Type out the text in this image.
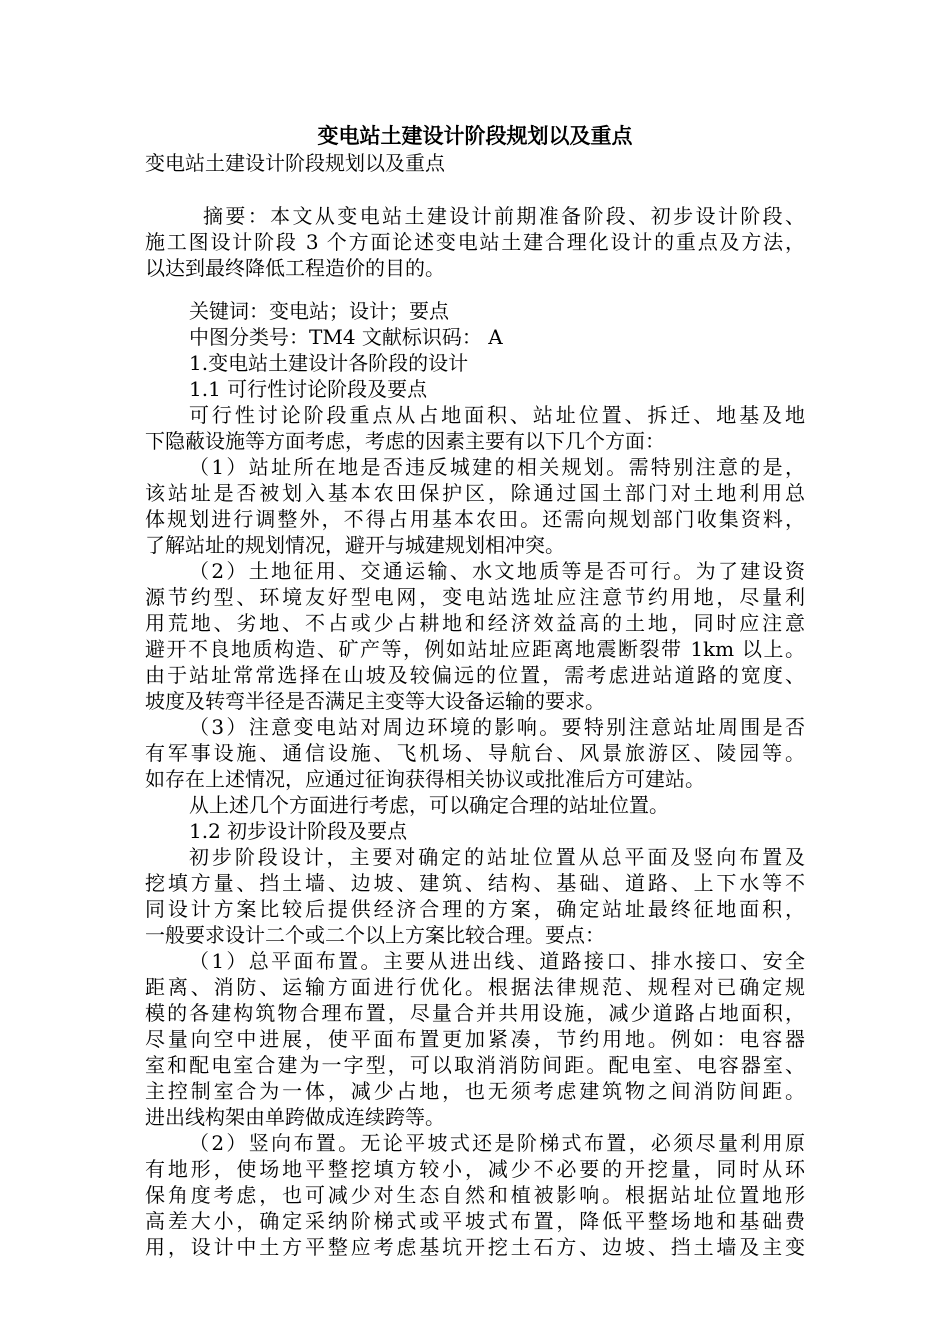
变电站土建设计阶段规划以及重点
变电站土建设计阶段规划以及重点
摘要：本文从变电站土建设计前期准备阶段、初步设计阶段、
施工图设计阶段 3 个方面论述变电站土建合理化设计的重点及方法，
以达到最终降低工程造价的目的。
关键词：变电站；设计；要点
中图分类号：TM4 文献标识码： A
1.变电站土建设计各阶段的设计
1.1 可行性讨论阶段及要点
可行性讨论阶段重点从占地面积、站址位置、拆迁、地基及地
下隐蔽设施等方面考虑，考虑的因素主要有以下几个方面：
（1）站址所在地是否违反城建的相关规划。需特别注意的是，
该站址是否被划入基本农田保护区，除通过国土部门对土地利用总
体规划进行调整外，不得占用基本农田。还需向规划部门收集资料，
了解站址的规划情况，避开与城建规划相冲突。
（2）土地征用、交通运输、水文地质等是否可行。为了建设资
源节约型、环境友好型电网，变电站选址应注意节约用地，尽量利
用荒地、劣地、不占或少占耕地和经济效益高的土地，同时应注意
避开不良地质构造、矿产等，例如站址应距离地震断裂带 1km 以上。
由于站址常常选择在山坡及较偏远的位置，需考虑进站道路的宽度、
坡度及转弯半径是否满足主变等大设备运输的要求。
（3）注意变电站对周边环境的影响。要特别注意站址周围是否
有军事设施、通信设施、飞机场、导航台、风景旅游区、陵园等。
如存在上述情况，应通过征询获得相关协议或批准后方可建站。
从上述几个方面进行考虑，可以确定合理的站址位置。
1.2 初步设计阶段及要点
初步阶段设计，主要对确定的站址位置从总平面及竖向布置及
挖填方量、挡土墙、边坡、建筑、结构、基础、道路、上下水等不
同设计方案比较后提供经济合理的方案，确定站址最终征地面积，
一般要求设计二个或二个以上方案比较合理。要点：
（1）总平面布置。主要从进出线、道路接口、排水接口、安全
距离、消防、运输方面进行优化。根据法律规范、规程对已确定规
模的各建构筑物合理布置，尽量合并共用设施，减少道路占地面积，
尽量向空中进展，使平面布置更加紧凑，节约用地。例如：电容器
室和配电室合建为一字型，可以取消消防间距。配电室、电容器室、
主控制室合为一体，减少占地，也无须考虑建筑物之间消防间距。
进出线构架由单跨做成连续跨等。
（2）竖向布置。无论平坡式还是阶梯式布置，必须尽量利用原
有地形，使场地平整挖填方较小，减少不必要的开挖量，同时从环
保角度考虑，也可减少对生态自然和植被影响。根据站址位置地形
高差大小，确定采纳阶梯式或平坡式布置，降低平整场地和基础费
用，设计中土方平整应考虑基坑开挖土石方、边坡、挡土墙及主变
